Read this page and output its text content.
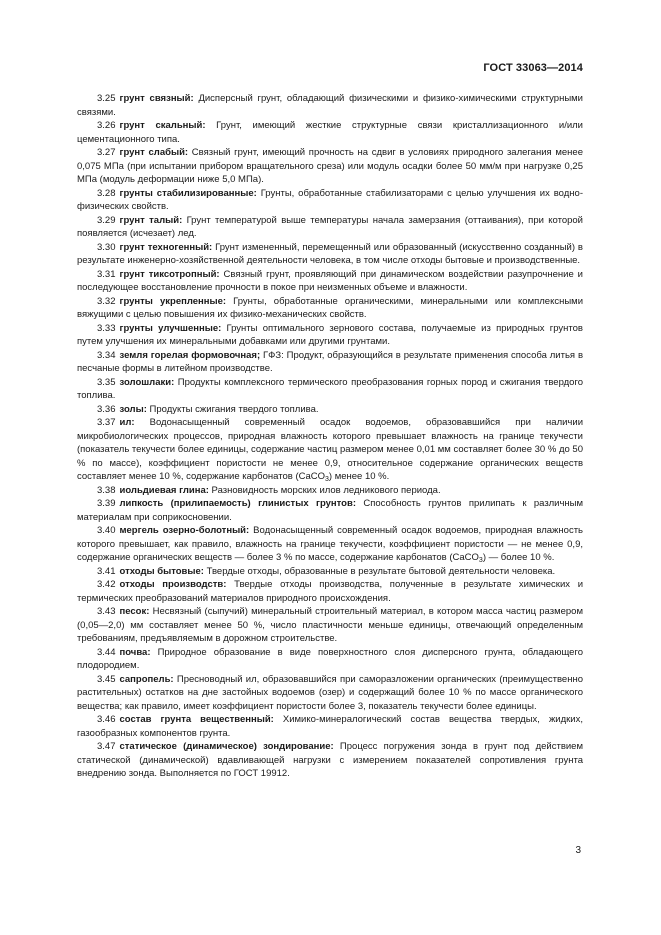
ГОСТ 33063—2014

3.25 грунт связный: Дисперсный грунт, обладающий физическими и физико-химическими структурными связями.

3.26 грунт скальный: Грунт, имеющий жесткие структурные связи кристаллизационного и/или цементационного типа.

3.27 грунт слабый: Связный грунт, имеющий прочность на сдвиг в условиях природного залегания менее 0,075 МПа (при испытании прибором вращательного среза) или модуль осадки более 50 мм/м при нагрузке 0,25 МПа (модуль деформации ниже 5,0 МПа).

3.28 грунты стабилизированные: Грунты, обработанные стабилизаторами с целью улучшения их водно-физических свойств.

3.29 грунт талый: Грунт температурой выше температуры начала замерзания (оттаивания), при которой появляется (исчезает) лед.

3.30 грунт техногенный: Грунт измененный, перемещенный или образованный (искусственно созданный) в результате инженерно-хозяйственной деятельности человека, в том числе отходы бытовые и производственные.

3.31 грунт тиксотропный: Связный грунт, проявляющий при динамическом воздействии разупрочнение и последующее восстановление прочности в покое при неизменных объеме и влажности.

3.32 грунты укрепленные: Грунты, обработанные органическими, минеральными или комплексными вяжущими с целью повышения их физико-механических свойств.

3.33 грунты улучшенные: Грунты оптимального зернового состава, получаемые из природных грунтов путем улучшения их минеральными добавками или другими грунтами.

3.34 земля горелая формовочная; ГФЗ: Продукт, образующийся в результате применения способа литья в песчаные формы в литейном производстве.

3.35 золошлаки: Продукты комплексного термического преобразования горных пород и сжигания твердого топлива.

3.36 золы: Продукты сжигания твердого топлива.

3.37 ил: Водонасыщенный современный осадок водоемов, образовавшийся при наличии микробиологических процессов, природная влажность которого превышает влажность на границе текучести (показатель текучести более единицы, содержание частиц размером менее 0,01 мм составляет более 30 % до 50 % по массе), коэффициент пористости не менее 0,9, относительное содержание органических веществ составляет менее 10 %, содержание карбонатов (CaCO$_3$) менее 10 %.

3.38 иольдиевая глина: Разновидность морских илов ледникового периода.

3.39 липкость (прилипаемость) глинистых грунтов: Способность грунтов прилипать к различным материалам при соприкосновении.

3.40 мергель озерно-болотный: Водонасыщенный современный осадок водоемов, природная влажность которого превышает, как правило, влажность на границе текучести, коэффициент пористости — не менее 0,9, содержание органических веществ — более 3 % по массе, содержание карбонатов (CaCO$_3$) — более 10 %.

3.41 отходы бытовые: Твердые отходы, образованные в результате бытовой деятельности человека.

3.42 отходы производств: Твердые отходы производства, полученные в результате химических и термических преобразований материалов природного происхождения.

3.43 песок: Несвязный (сыпучий) минеральный строительный материал, в котором масса частиц размером (0,05—2,0) мм составляет менее 50 %, число пластичности меньше единицы, отвечающий определенным требованиям, предъявляемым в дорожном строительстве.

3.44 почва: Природное образование в виде поверхностного слоя дисперсного грунта, обладающего плодородием.

3.45 сапропель: Пресноводный ил, образовавшийся при саморазложении органических (преимущественно растительных) остатков на дне застойных водоемов (озер) и содержащий более 10 % по массе органического вещества; как правило, имеет коэффициент пористости более 3, показатель текучести более единицы.

3.46 состав грунта вещественный: Химико-минералогический состав вещества твердых, жидких, газообразных компонентов грунта.

3.47 статическое (динамическое) зондирование: Процесс погружения зонда в грунт под действием статической (динамической) вдавливающей нагрузки с измерением показателей сопротивления грунта внедрению зонда. Выполняется по ГОСТ 19912.

3
